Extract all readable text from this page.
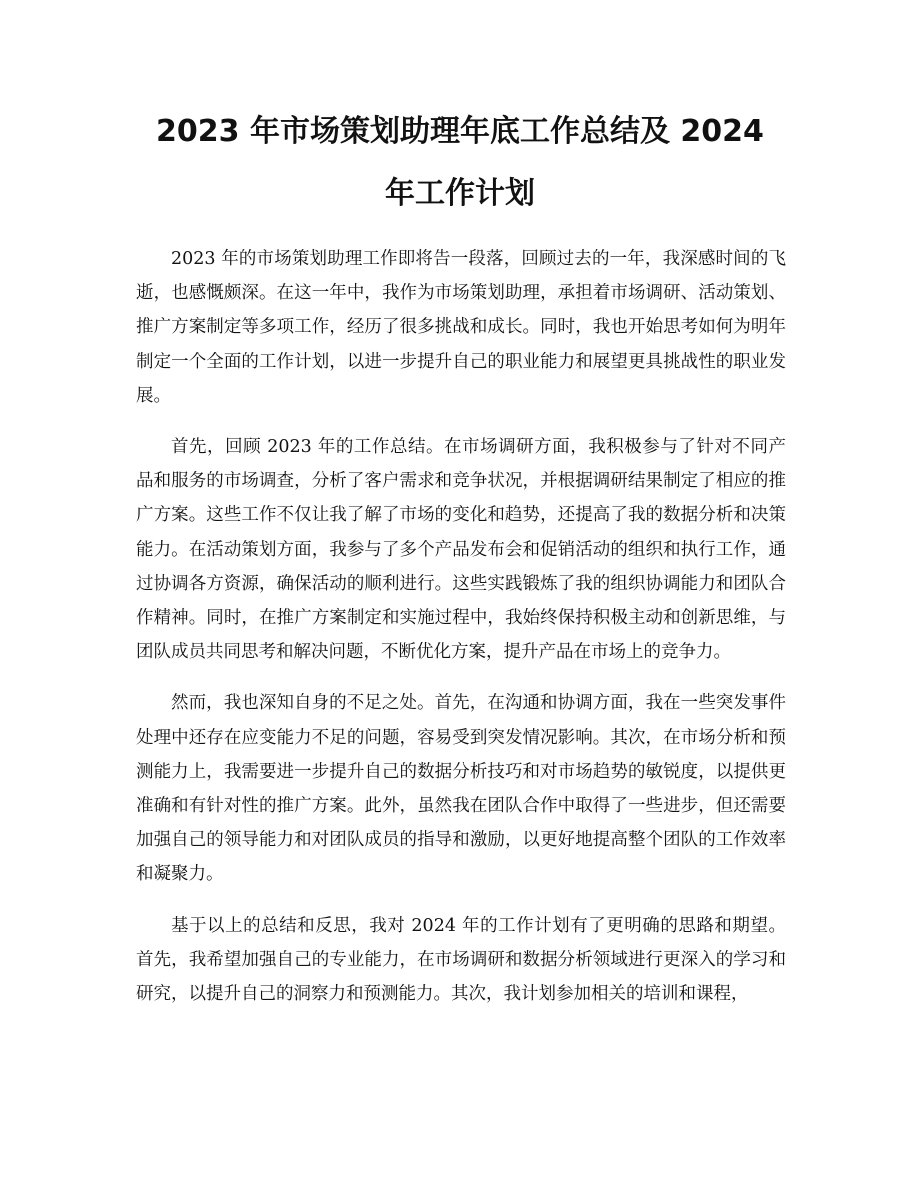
2023 年市场策划助理年底工作总结及 2024
年工作计划

2023 年的市场策划助理工作即将告一段落，回顾过去的一年，我深感时间的飞逝，也感慨颇深。在这一年中，我作为市场策划助理，承担着市场调研、活动策划、推广方案制定等多项工作，经历了很多挑战和成长。同时，我也开始思考如何为明年制定一个全面的工作计划，以进一步提升自己的职业能力和展望更具挑战性的职业发展。

首先，回顾 2023 年的工作总结。在市场调研方面，我积极参与了针对不同产品和服务的市场调查，分析了客户需求和竞争状况，并根据调研结果制定了相应的推广方案。这些工作不仅让我了解了市场的变化和趋势，还提高了我的数据分析和决策能力。在活动策划方面，我参与了多个产品发布会和促销活动的组织和执行工作，通过协调各方资源，确保活动的顺利进行。这些实践锻炼了我的组织协调能力和团队合作精神。同时，在推广方案制定和实施过程中，我始终保持积极主动和创新思维，与团队成员共同思考和解决问题，不断优化方案，提升产品在市场上的竞争力。

然而，我也深知自身的不足之处。首先，在沟通和协调方面，我在一些突发事件处理中还存在应变能力不足的问题，容易受到突发情况影响。其次，在市场分析和预测能力上，我需要进一步提升自己的数据分析技巧和对市场趋势的敏锐度，以提供更准确和有针对性的推广方案。此外，虽然我在团队合作中取得了一些进步，但还需要加强自己的领导能力和对团队成员的指导和激励，以更好地提高整个团队的工作效率和凝聚力。

基于以上的总结和反思，我对 2024 年的工作计划有了更明确的思路和期望。首先，我希望加强自己的专业能力，在市场调研和数据分析领域进行更深入的学习和研究，以提升自己的洞察力和预测能力。其次，我计划参加相关的培训和课程，
